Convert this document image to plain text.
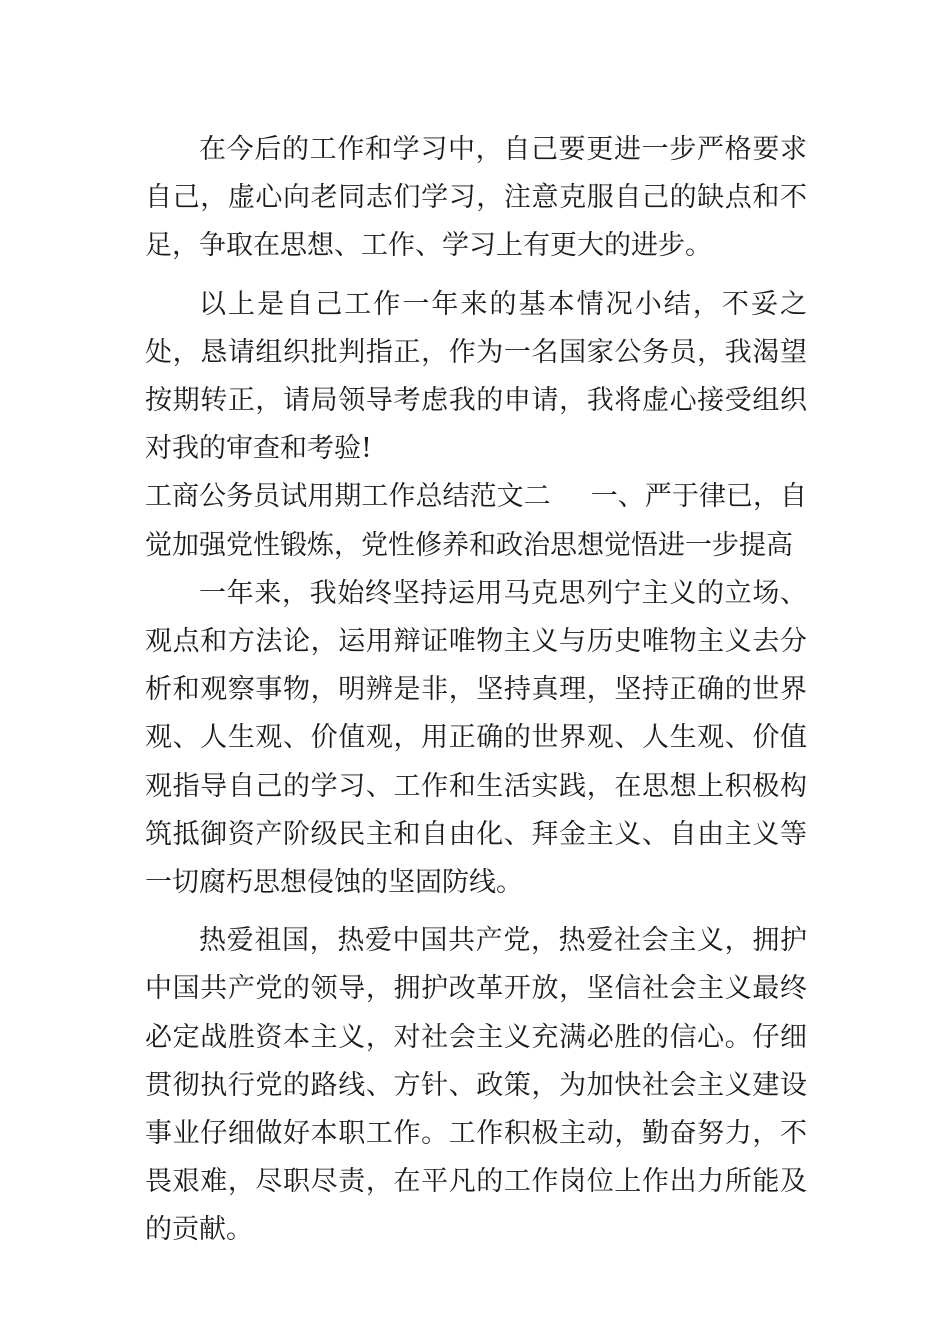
在今后的工作和学习中，自己要更进一步严格要求自己，虚心向老同志们学习，注意克服自己的缺点和不足，争取在思想、工作、学习上有更大的进步。

以上是自己工作一年来的基本情况小结，不妥之处，恳请组织批判指正，作为一名国家公务员，我渴望按期转正，请局领导考虑我的申请，我将虚心接受组织对我的审查和考验!

工商公务员试用期工作总结范文二 一、严于律已，自觉加强党性锻炼，党性修养和政治思想觉悟进一步提高

一年来，我始终坚持运用马克思列宁主义的立场、观点和方法论，运用辩证唯物主义与历史唯物主义去分析和观察事物，明辨是非，坚持真理，坚持正确的世界观、人生观、价值观，用正确的世界观、人生观、价值观指导自己的学习、工作和生活实践，在思想上积极构筑抵御资产阶级民主和自由化、拜金主义、自由主义等一切腐朽思想侵蚀的坚固防线。

热爱祖国，热爱中国共产党，热爱社会主义，拥护中国共产党的领导，拥护改革开放，坚信社会主义最终必定战胜资本主义，对社会主义充满必胜的信心。仔细贯彻执行党的路线、方针、政策，为加快社会主义建设事业仔细做好本职工作。工作积极主动，勤奋努力，不畏艰难，尽职尽责，在平凡的工作岗位上作出力所能及的贡献。
